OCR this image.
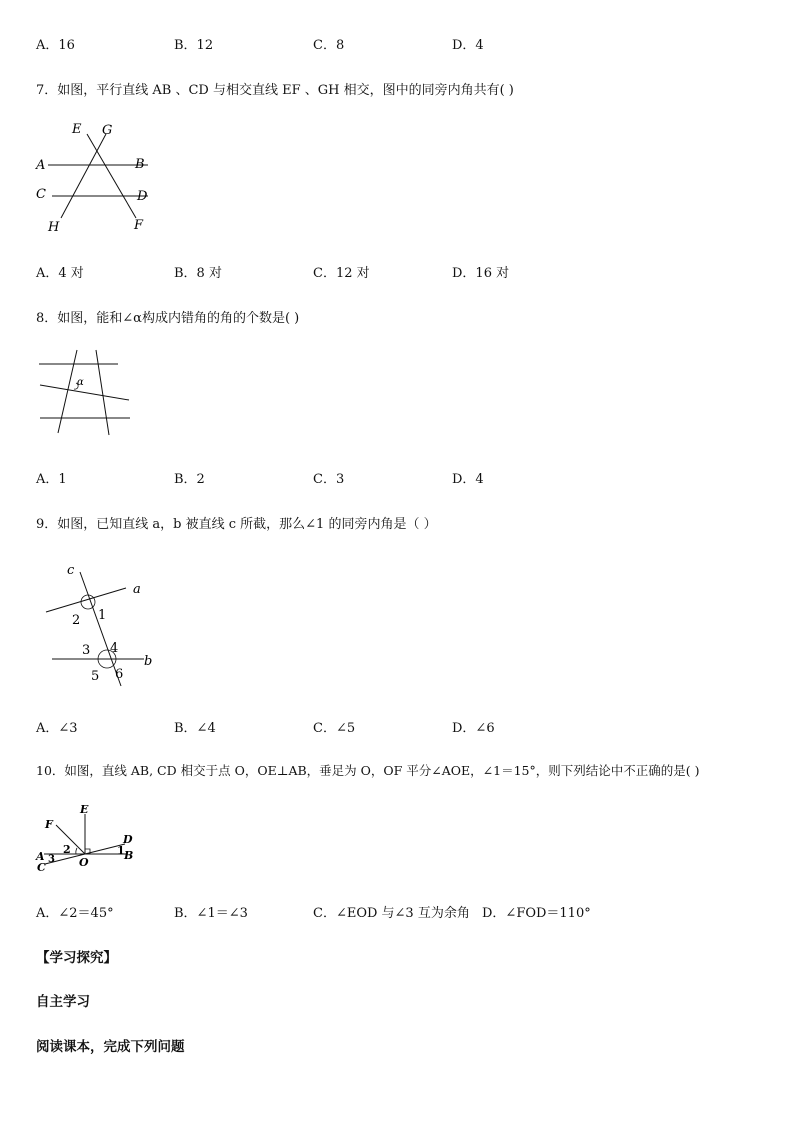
A．16	B．12	C．8	D．4
7．如图，平行直线 AB 、CD 与相交直线 EF 、GH 相交，图中的同旁内角共有( )
E G
A	B
C	D
H	F
A．4 对	B．8 对	C．12 对	D．16 对
8．如图，能和∠α构成内错角的角的个数是( )
α
A．1	B．2	C．3	D．4
9．如图，已知直线 a，b 被直线 c 所截，那么∠1 的同旁内角是（ ）
c
a
b
1
2
3 4
5 6
A．∠3	B．∠4	C．∠5	D．∠6
10．如图，直线 AB, CD 相交于点 O，OE⊥AB，垂足为 O，OF 平分∠AOE，∠1＝15°，则下列结论中不正确的是( )
E
F
D
A
C	O
B
1
2
3
A．∠2＝45°	B．∠1＝∠3	C．∠EOD 与∠3 互为余角 D．∠FOD＝110°
【学习探究】
自主学习
阅读课本，完成下列问题
